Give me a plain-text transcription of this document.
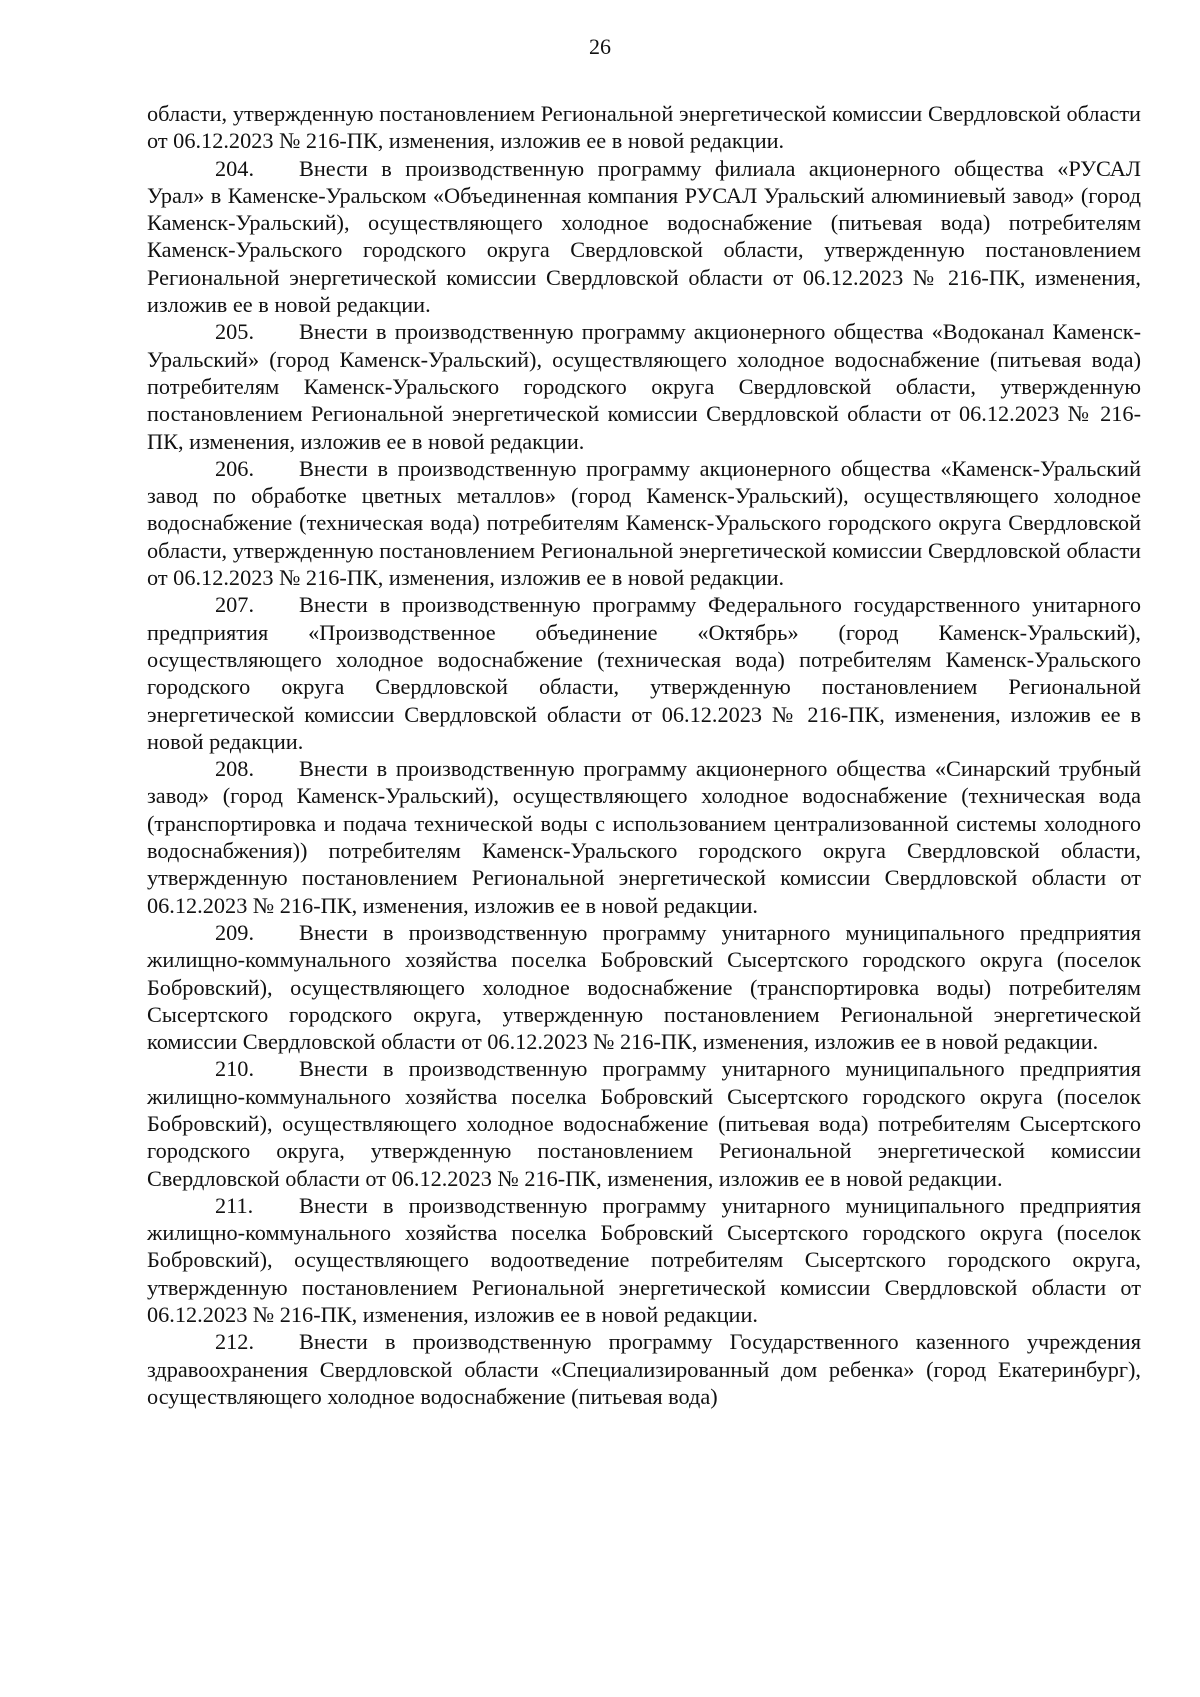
26

области, утвержденную постановлением Региональной энергетической комиссии Свердловской области от 06.12.2023 № 216-ПК, изменения, изложив ее в новой редакции.

204. Внести в производственную программу филиала акционерного общества «РУСАЛ Урал» в Каменске-Уральском «Объединенная компания РУСАЛ Уральский алюминиевый завод» (город Каменск-Уральский), осуществляющего холодное водоснабжение (питьевая вода) потребителям Каменск-Уральского городского округа Свердловской области, утвержденную постановлением Региональной энергетической комиссии Свердловской области от 06.12.2023 № 216-ПК, изменения, изложив ее в новой редакции.

205. Внести в производственную программу акционерного общества «Водоканал Каменск-Уральский» (город Каменск-Уральский), осуществляющего холодное водоснабжение (питьевая вода) потребителям Каменск-Уральского городского округа Свердловской области, утвержденную постановлением Региональной энергетической комиссии Свердловской области от 06.12.2023 № 216-ПК, изменения, изложив ее в новой редакции.

206. Внести в производственную программу акционерного общества «Каменск-Уральский завод по обработке цветных металлов» (город Каменск-Уральский), осуществляющего холодное водоснабжение (техническая вода) потребителям Каменск-Уральского городского округа Свердловской области, утвержденную постановлением Региональной энергетической комиссии Свердловской области от 06.12.2023 № 216-ПК, изменения, изложив ее в новой редакции.

207. Внести в производственную программу Федерального государственного унитарного предприятия «Производственное объединение «Октябрь» (город Каменск-Уральский), осуществляющего холодное водоснабжение (техническая вода) потребителям Каменск-Уральского городского округа Свердловской области, утвержденную постановлением Региональной энергетической комиссии Свердловской области от 06.12.2023 № 216-ПК, изменения, изложив ее в новой редакции.

208. Внести в производственную программу акционерного общества «Синарский трубный завод» (город Каменск-Уральский), осуществляющего холодное водоснабжение (техническая вода (транспортировка и подача технической воды с использованием централизованной системы холодного водоснабжения)) потребителям Каменск-Уральского городского округа Свердловской области, утвержденную постановлением Региональной энергетической комиссии Свердловской области от 06.12.2023 № 216-ПК, изменения, изложив ее в новой редакции.

209. Внести в производственную программу унитарного муниципального предприятия жилищно-коммунального хозяйства поселка Бобровский Сысертского городского округа (поселок Бобровский), осуществляющего холодное водоснабжение (транспортировка воды) потребителям Сысертского городского округа, утвержденную постановлением Региональной энергетической комиссии Свердловской области от 06.12.2023 № 216-ПК, изменения, изложив ее в новой редакции.

210. Внести в производственную программу унитарного муниципального предприятия жилищно-коммунального хозяйства поселка Бобровский Сысертского городского округа (поселок Бобровский), осуществляющего холодное водоснабжение (питьевая вода) потребителям Сысертского городского округа, утвержденную постановлением Региональной энергетической комиссии Свердловской области от 06.12.2023 № 216-ПК, изменения, изложив ее в новой редакции.

211. Внести в производственную программу унитарного муниципального предприятия жилищно-коммунального хозяйства поселка Бобровский Сысертского городского округа (поселок Бобровский), осуществляющего водоотведение потребителям Сысертского городского округа, утвержденную постановлением Региональной энергетической комиссии Свердловской области от 06.12.2023 № 216-ПК, изменения, изложив ее в новой редакции.

212. Внести в производственную программу Государственного казенного учреждения здравоохранения Свердловской области «Специализированный дом ребенка» (город Екатеринбург), осуществляющего холодное водоснабжение (питьевая вода)
